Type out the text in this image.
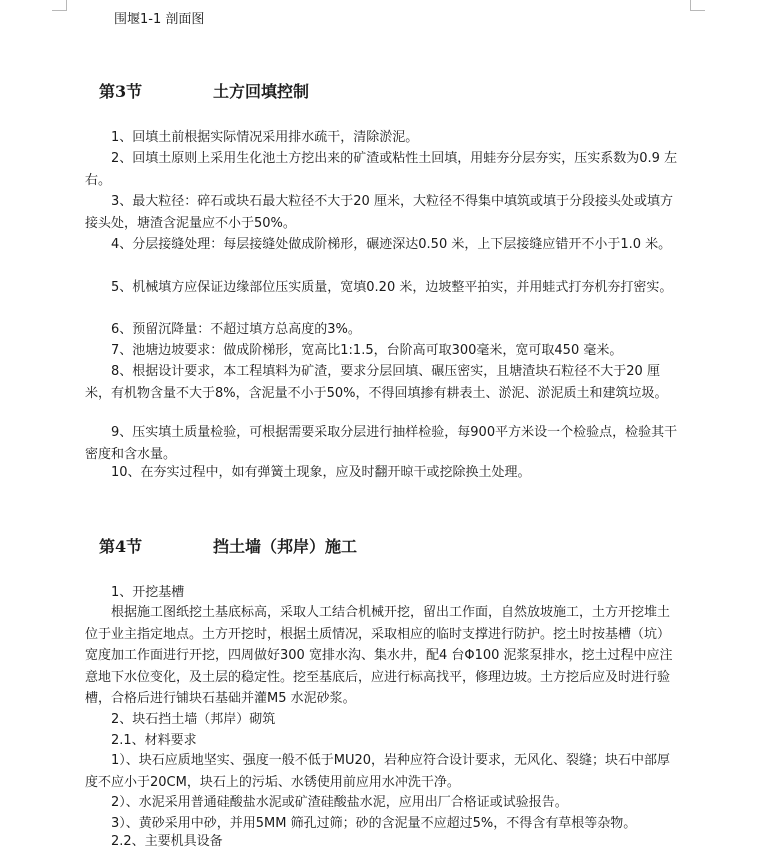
围堰1-1 剖面图
第3节	土方回填控制

1、回填土前根据实际情况采用排水疏干，清除淤泥。

2、回填土原则上采用生化池土方挖出来的矿渣或粘性土回填，用蛙夯分层夯实，压实系数为0.9 左右。

3、最大粒径：碎石或块石最大粒径不大于20 厘米，大粒径不得集中填筑或填于分段接头处或填方接头处，塘渣含泥量应不小于50%。

4、分层接缝处理：每层接缝处做成阶梯形，碾迹深达0.50 米，上下层接缝应错开不小于1.0 米。

5、机械填方应保证边缘部位压实质量，宽填0.20 米，边坡整平拍实，并用蛙式打夯机夯打密实。

6、预留沉降量：不超过填方总高度的3%。

7、池塘边坡要求：做成阶梯形，宽高比1:1.5，台阶高可取300毫米，宽可取450 毫米。

8、根据设计要求，本工程填料为矿渣，要求分层回填、碾压密实，且塘渣块石粒径不大于20 厘米，有机物含量不大于8%，含泥量不小于50%，不得回填掺有耕表土、淤泥、淤泥质土和建筑垃圾。

9、压实填土质量检验，可根据需要采取分层进行抽样检验，每900平方米设一个检验点，检验其干密度和含水量。

10、在夯实过程中，如有弹簧土现象，应及时翻开晾干或挖除换土处理。

第4节	挡土墙（邦岸）施工

1、开挖基槽

根据施工图纸挖土基底标高，采取人工结合机械开挖，留出工作面，自然放坡施工，土方开挖堆土位于业主指定地点。土方开挖时，根据土质情况，采取相应的临时支撑进行防护。挖土时按基槽（坑）宽度加工作面进行开挖，四周做好300 宽排水沟、集水井，配4 台Φ100 泥浆泵排水，挖土过程中应注意地下水位变化，及土层的稳定性。挖至基底后，应进行标高找平，修理边坡。土方挖后应及时进行验槽，合格后进行铺块石基础并灌M5 水泥砂浆。

2、块石挡土墙（邦岸）砌筑

2.1、材料要求

1）、块石应质地坚实、强度一般不低于MU20，岩种应符合设计要求，无风化、裂缝；块石中部厚度不应小于20CM，块石上的污垢、水锈使用前应用水冲洗干净。

2）、水泥采用普通硅酸盐水泥或矿渣硅酸盐水泥，应用出厂合格证或试验报告。

3）、黄砂采用中砂，并用5MM 筛孔过筛；砂的含泥量不应超过5%，不得含有草根等杂物。

2.2、主要机具设备
